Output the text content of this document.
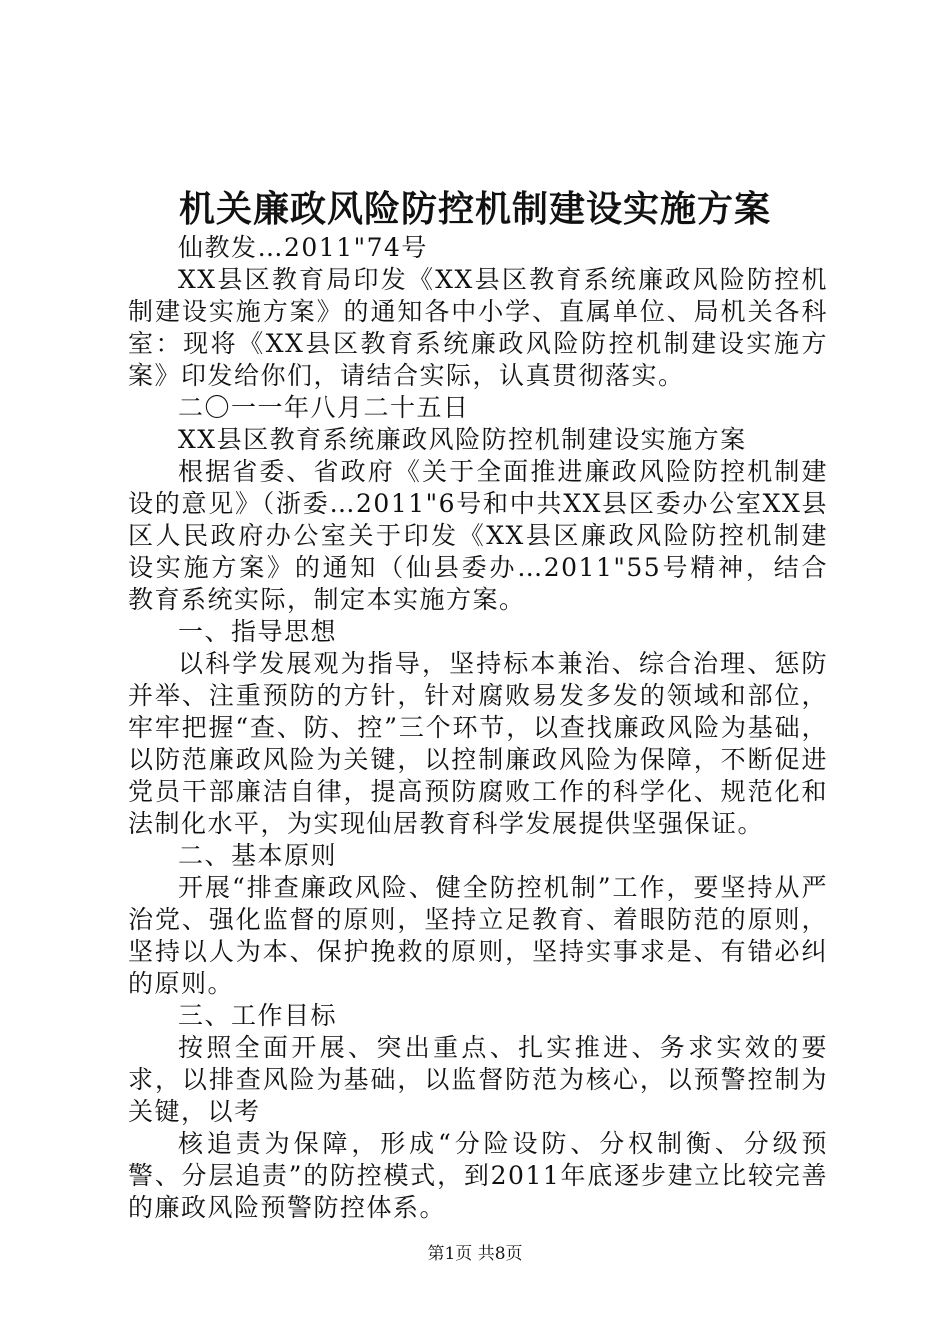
机关廉政风险防控机制建设实施方案

仙教发…2011"74号

XX县区教育局印发《XX县区教育系统廉政风险防控机制建设实施方案》的通知各中小学、直属单位、局机关各科室：现将《XX县区教育系统廉政风险防控机制建设实施方案》印发给你们，请结合实际，认真贯彻落实。

二〇一一年八月二十五日

XX县区教育系统廉政风险防控机制建设实施方案

根据省委、省政府《关于全面推进廉政风险防控机制建设的意见》（浙委…2011"6号和中共XX县区委办公室XX县区人民政府办公室关于印发《XX县区廉政风险防控机制建设实施方案》的通知（仙县委办…2011"55号精神，结合教育系统实际，制定本实施方案。

一、指导思想

以科学发展观为指导，坚持标本兼治、综合治理、惩防并举、注重预防的方针，针对腐败易发多发的领域和部位，牢牢把握“查、防、控”三个环节，以查找廉政风险为基础，以防范廉政风险为关键，以控制廉政风险为保障，不断促进党员干部廉洁自律，提高预防腐败工作的科学化、规范化和法制化水平，为实现仙居教育科学发展提供坚强保证。

二、基本原则

开展“排查廉政风险、健全防控机制”工作，要坚持从严治党、强化监督的原则，坚持立足教育、着眼防范的原则，坚持以人为本、保护挽救的原则，坚持实事求是、有错必纠的原则。

三、工作目标

按照全面开展、突出重点、扎实推进、务求实效的要求，以排查风险为基础，以监督防范为核心，以预警控制为关键，以考

核追责为保障，形成“分险设防、分权制衡、分级预警、分层追责”的防控模式，到2011年底逐步建立比较完善的廉政风险预警防控体系。

第1页 共8页
